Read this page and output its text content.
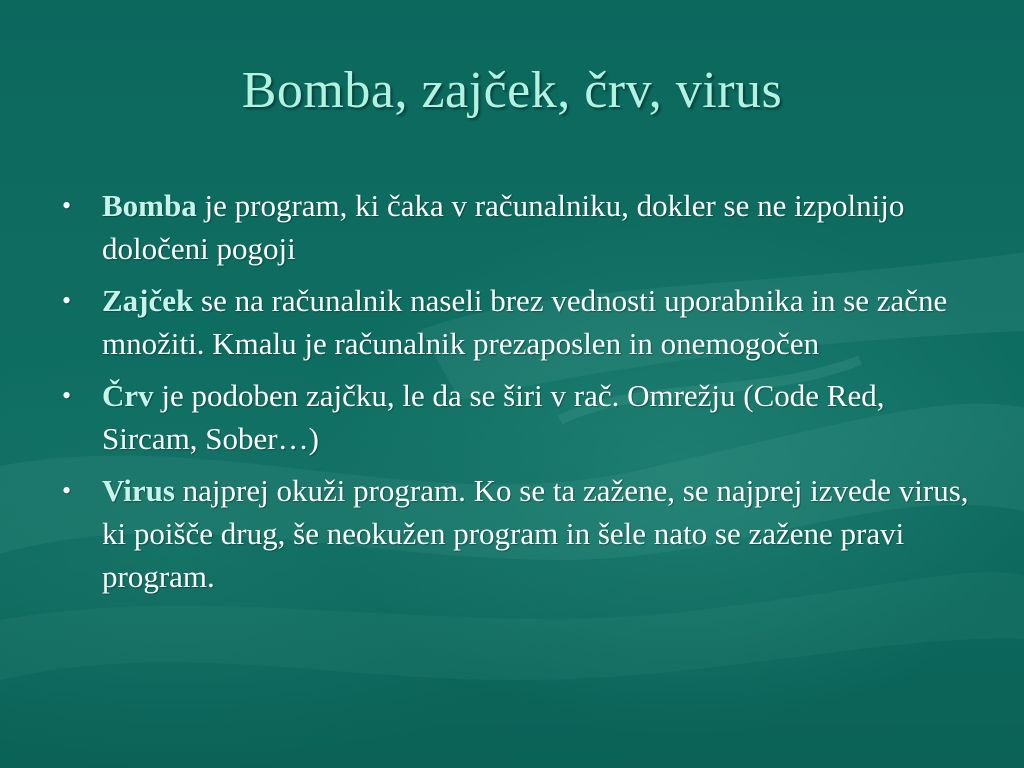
Bomba, zajček, črv, virus
• Bomba je program, ki čaka v računalniku, dokler se ne izpolnijo določeni pogoji
• Zajček se na računalnik naseli brez vednosti uporabnika in se začne množiti. Kmalu je računalnik prezaposlen in onemogočen
• Črv je podoben zajčku, le da se širi v rač. Omrežju (Code Red, Sircam, Sober…)
• Virus najprej okuži program. Ko se ta zažene, se najprej izvede virus, ki poišče drug, še neokužen program in šele nato se zažene pravi program.
